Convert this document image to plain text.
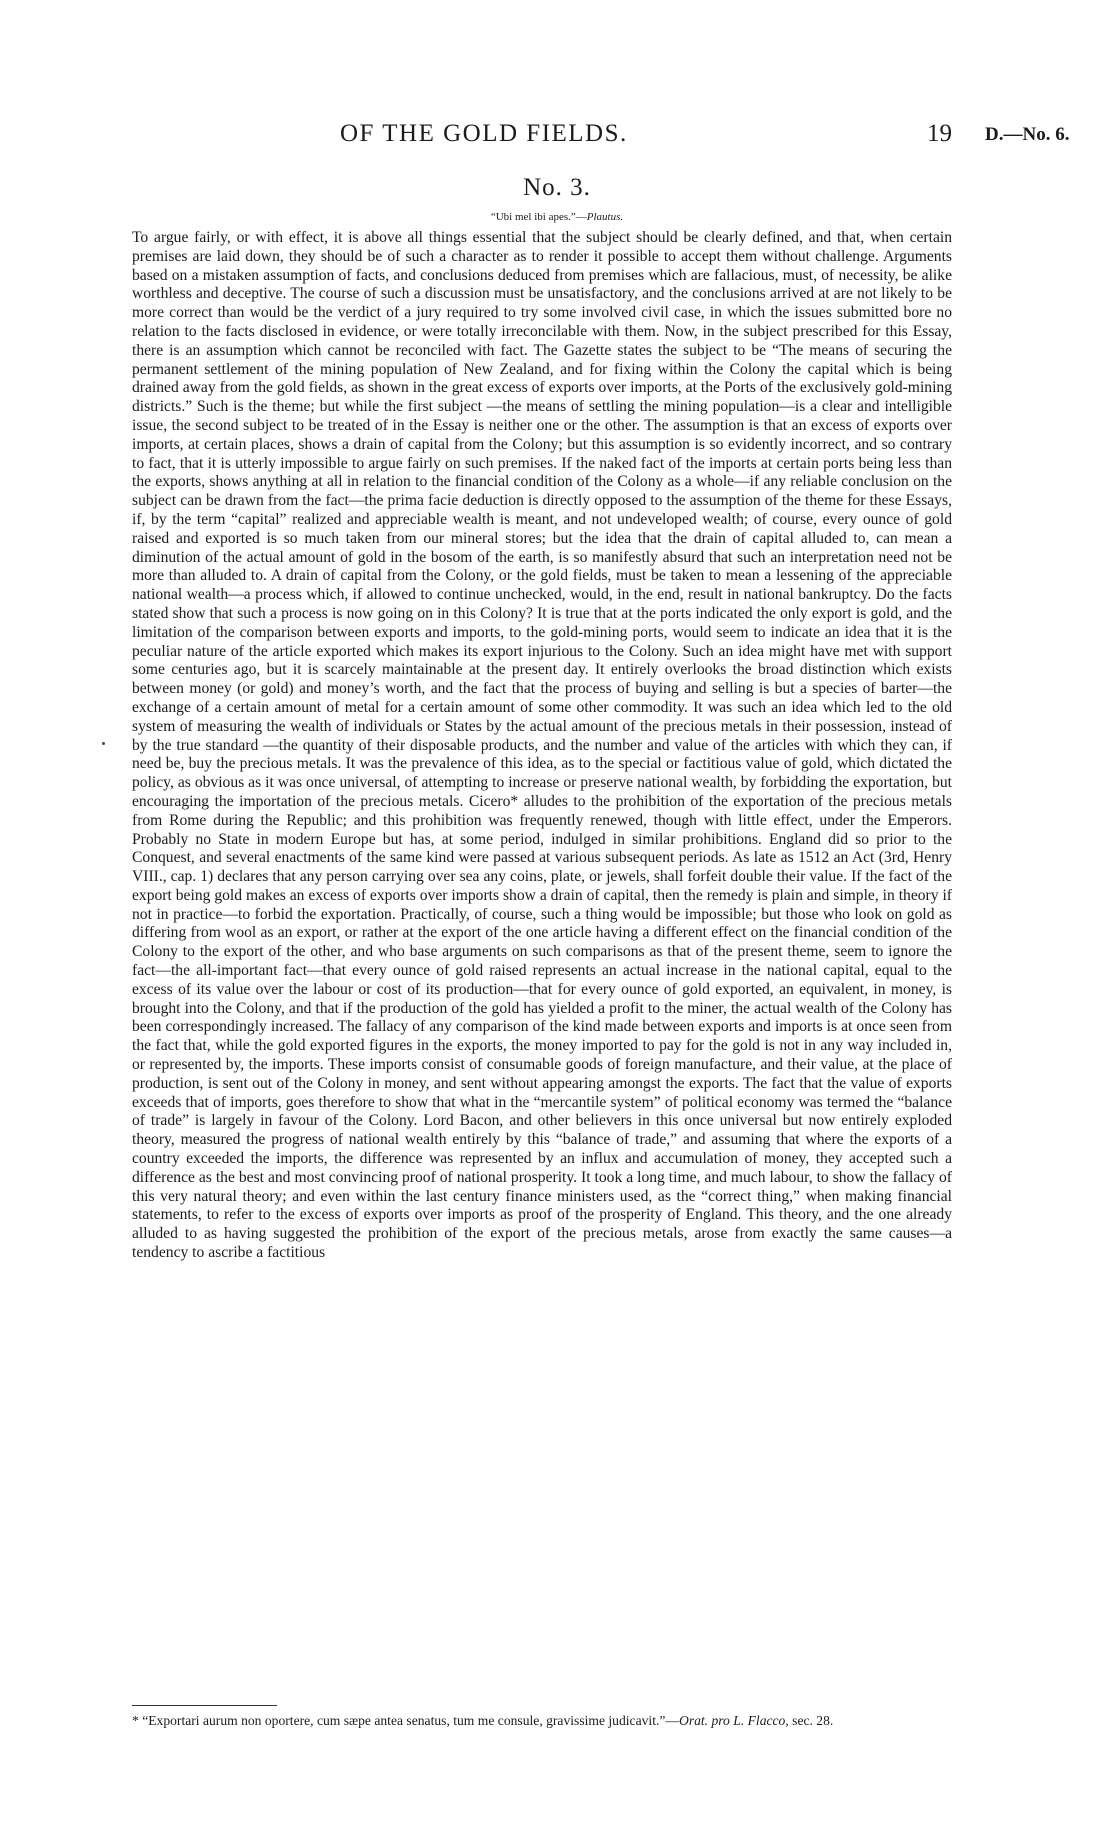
OF THE GOLD FIELDS.	19 D.—No. 6.
No. 3.
“Ubi mel ibi apes.”—Plautus.

To argue fairly, or with effect, it is above all things essential that the subject should be clearly defined, and that, when certain premises are laid down, they should be of such a character as to render it possible to accept them without challenge. Arguments based on a mistaken assumption of facts, and conclusions deduced from premises which are fallacious, must, of necessity, be alike worthless and deceptive. The course of such a discussion must be unsatisfactory, and the conclusions arrived at are not likely to be more correct than would be the verdict of a jury required to try some involved civil case, in which the issues submitted bore no relation to the facts disclosed in evidence, or were totally irreconcilable with them. Now, in the subject prescribed for this Essay, there is an assumption which cannot be reconciled with fact. The Gazette states the subject to be “The means of securing the permanent settlement of the mining population of New Zealand, and for fixing within the Colony the capital which is being drained away from the gold fields, as shown in the great excess of exports over imports, at the Ports of the exclusively gold-mining districts.” Such is the theme; but while the first subject —the means of settling the mining population—is a clear and intelligible issue, the second subject to be treated of in the Essay is neither one or the other. The assumption is that an excess of exports over imports, at certain places, shows a drain of capital from the Colony; but this assumption is so evidently incorrect, and so contrary to fact, that it is utterly impossible to argue fairly on such premises. If the naked fact of the imports at certain ports being less than the exports, shows anything at all in relation to the financial condition of the Colony as a whole—if any reliable conclusion on the subject can be drawn from the fact—the prima facie deduction is directly opposed to the assumption of the theme for these Essays, if, by the term “capital” realized and appreciable wealth is meant, and not undeveloped wealth; of course, every ounce of gold raised and exported is so much taken from our mineral stores; but the idea that the drain of capital alluded to, can mean a diminution of the actual amount of gold in the bosom of the earth, is so manifestly absurd that such an interpretation need not be more than alluded to. A drain of capital from the Colony, or the gold fields, must be taken to mean a lessening of the appreciable national wealth—a process which, if allowed to continue unchecked, would, in the end, result in national bankruptcy. Do the facts stated show that such a process is now going on in this Colony? It is true that at the ports indicated the only export is gold, and the limitation of the comparison between exports and imports, to the gold-mining ports, would seem to indicate an idea that it is the peculiar nature of the article exported which makes its export injurious to the Colony. Such an idea might have met with support some centuries ago, but it is scarcely maintainable at the present day. It entirely overlooks the broad distinction which exists between money (or gold) and money’s worth, and the fact that the process of buying and selling is but a species of barter—the exchange of a certain amount of metal for a certain amount of some other commodity. It was such an idea which led to the old system of measuring the wealth of individuals or States by the actual amount of the precious metals in their possession, instead of by the true standard —the quantity of their disposable products, and the number and value of the articles with which they can, if need be, buy the precious metals. It was the prevalence of this idea, as to the special or factitious value of gold, which dictated the policy, as obvious as it was once universal, of attempting to increase or preserve national wealth, by forbidding the exportation, but encouraging the importation of the precious metals. Cicero* alludes to the prohibition of the exportation of the precious metals from Rome during the Republic; and this prohibition was frequently renewed, though with little effect, under the Emperors. Probably no State in modern Europe but has, at some period, indulged in similar prohibitions. England did so prior to the Conquest, and several enactments of the same kind were passed at various subsequent periods. As late as 1512 an Act (3rd, Henry VIII., cap. 1) declares that any person carrying over sea any coins, plate, or jewels, shall forfeit double their value. If the fact of the export being gold makes an excess of exports over imports show a drain of capital, then the remedy is plain and simple, in theory if not in practice—to forbid the exportation. Practically, of course, such a thing would be impossible; but those who look on gold as differing from wool as an export, or rather at the export of the one article having a different effect on the financial condition of the Colony to the export of the other, and who base arguments on such comparisons as that of the present theme, seem to ignore the fact—the all-important fact—that every ounce of gold raised represents an actual increase in the national capital, equal to the excess of its value over the labour or cost of its production—that for every ounce of gold exported, an equivalent, in money, is brought into the Colony, and that if the production of the gold has yielded a profit to the miner, the actual wealth of the Colony has been correspondingly increased. The fallacy of any comparison of the kind made between exports and imports is at once seen from the fact that, while the gold exported figures in the exports, the money imported to pay for the gold is not in any way included in, or represented by, the imports. These imports consist of consumable goods of foreign manufacture, and their value, at the place of production, is sent out of the Colony in money, and sent without appearing amongst the exports. The fact that the value of exports exceeds that of imports, goes therefore to show that what in the “mercantile system” of political economy was termed the “balance of trade” is largely in favour of the Colony. Lord Bacon, and other believers in this once universal but now entirely exploded theory, measured the progress of national wealth entirely by this “balance of trade,” and assuming that where the exports of a country exceeded the imports, the difference was represented by an influx and accumulation of money, they accepted such a difference as the best and most convincing proof of national prosperity. It took a long time, and much labour, to show the fallacy of this very natural theory; and even within the last century finance ministers used, as the “correct thing,” when making financial statements, to refer to the excess of exports over imports as proof of the prosperity of England. This theory, and the one already alluded to as having suggested the prohibition of the export of the precious metals, arose from exactly the same causes—a tendency to ascribe a factitious

* “Exportari aurum non oportere, cum sæpe antea senatus, tum me consule, gravissime judicavit.”—Orat. pro L. Flacco, sec. 28.
